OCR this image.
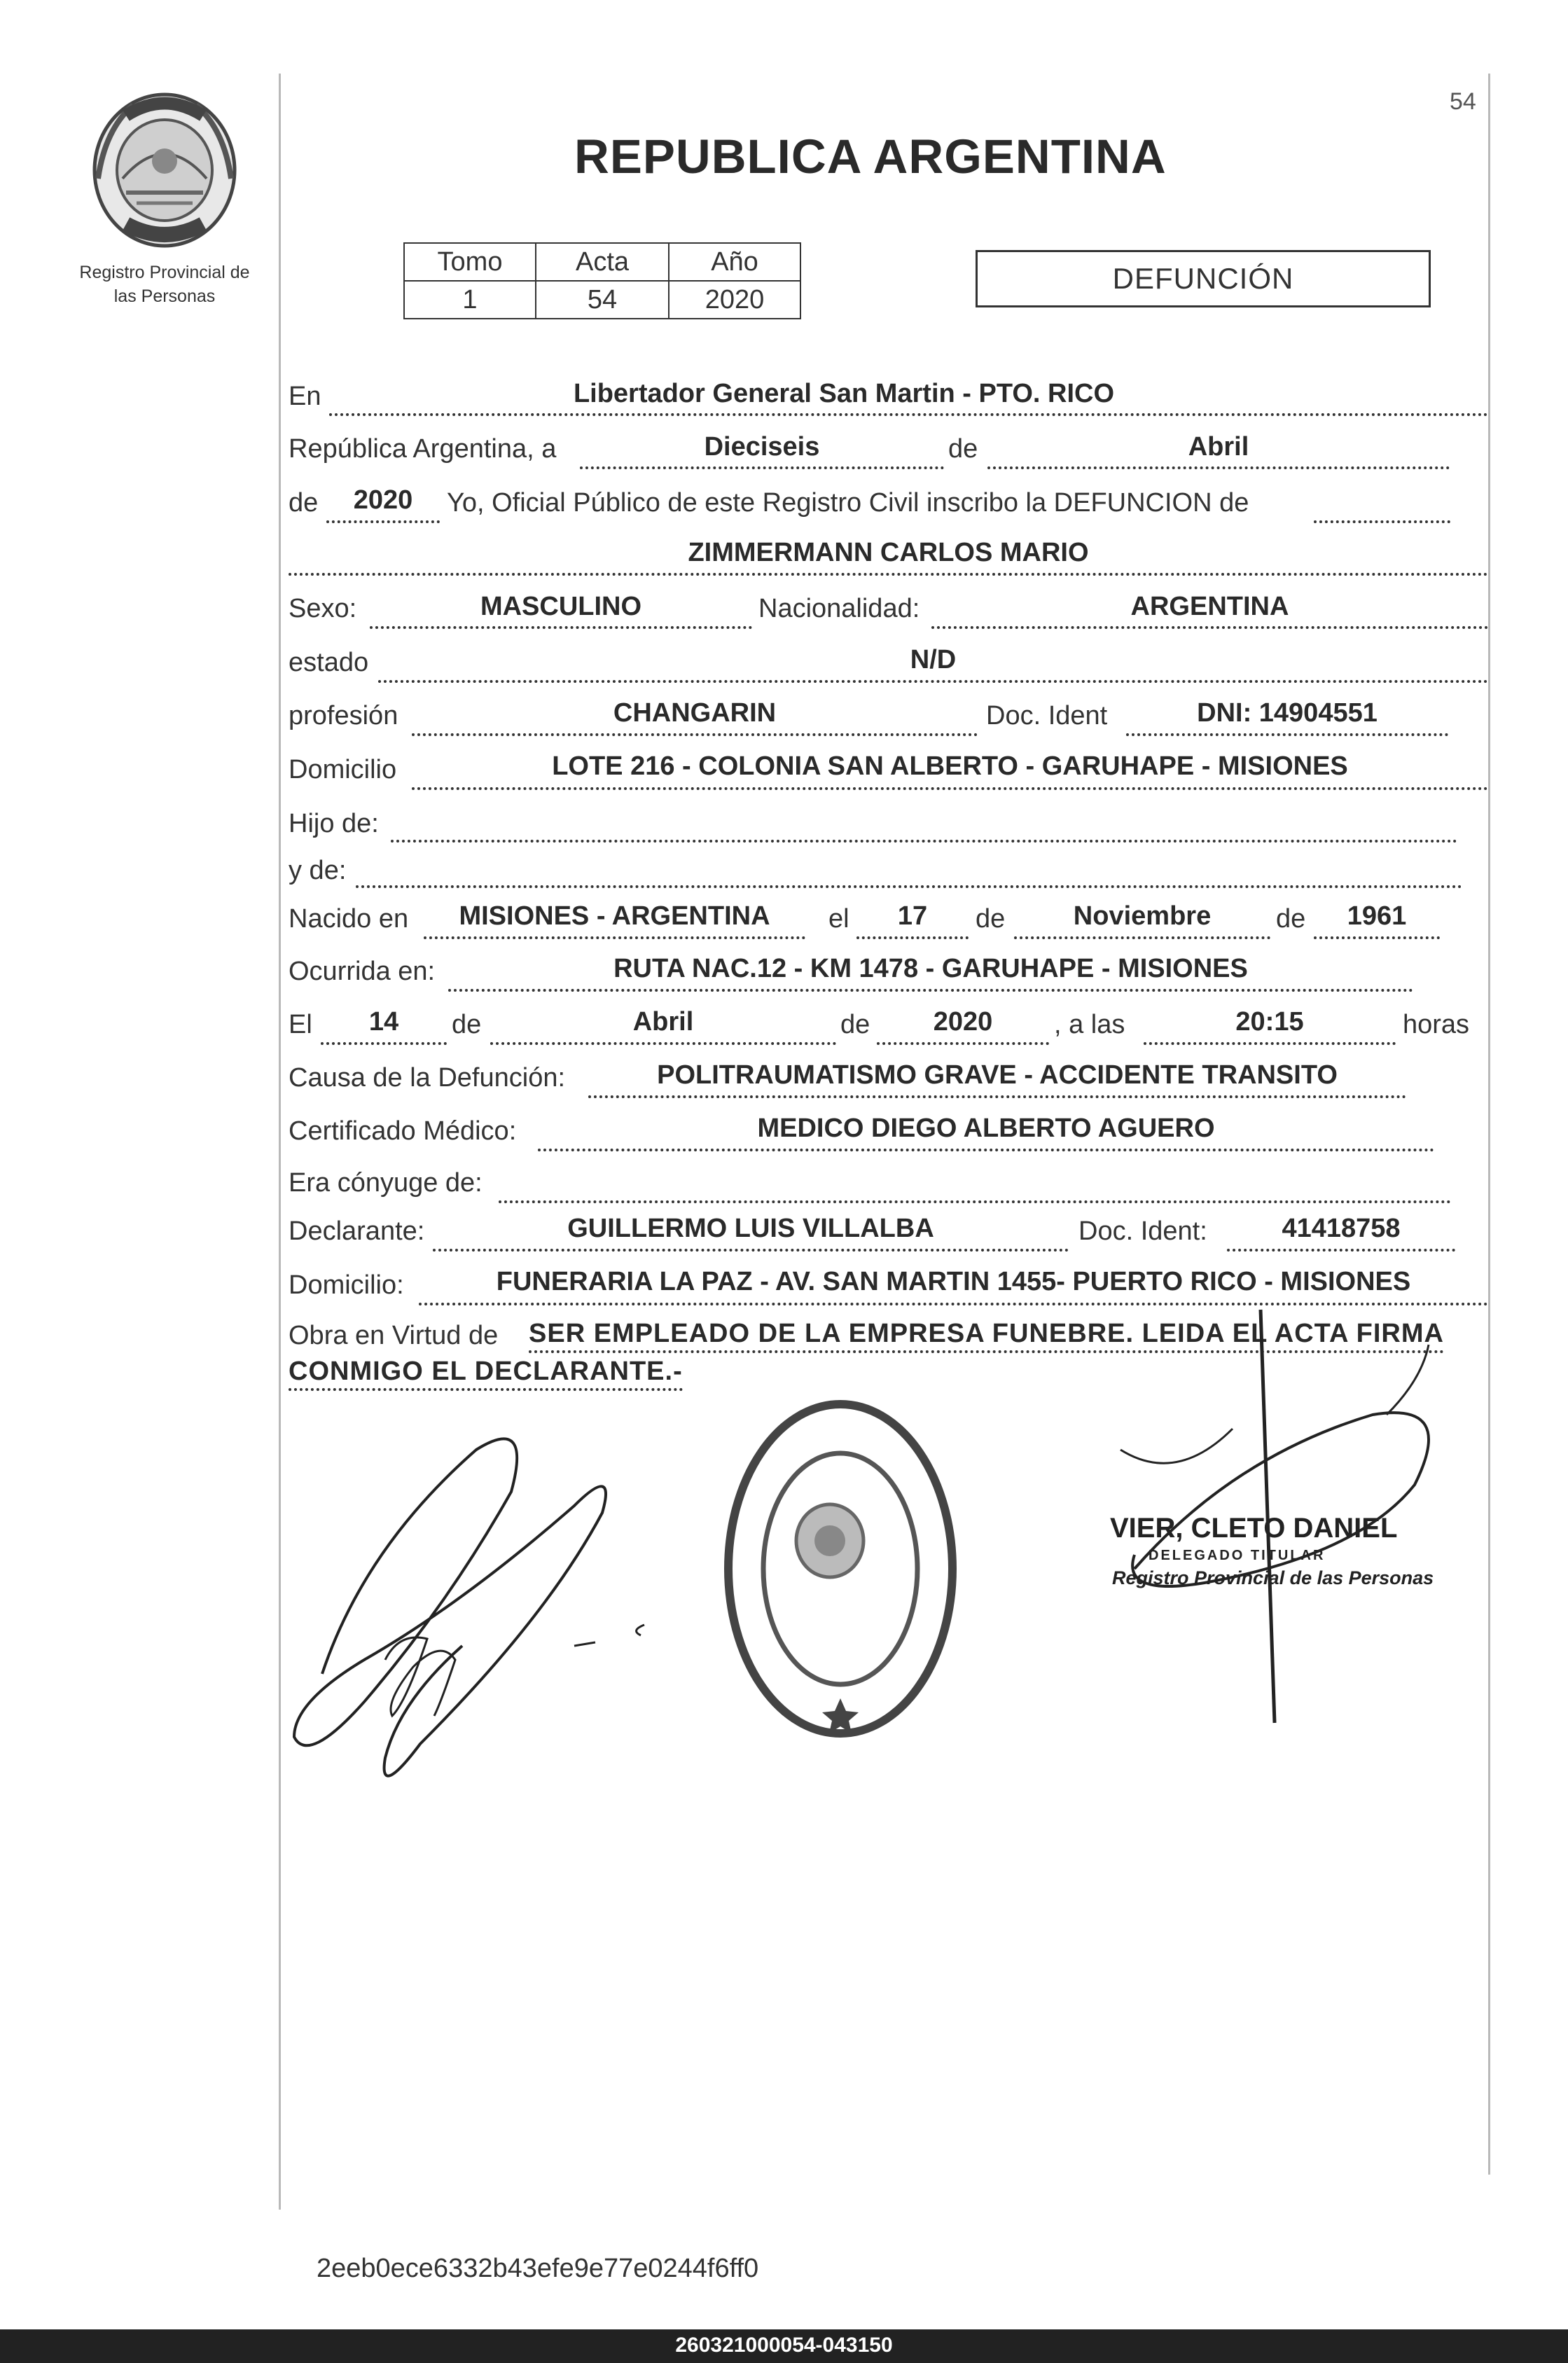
Registro Provincial de
las Personas
54
REPUBLICA ARGENTINA
Tomo	Acta	Año
1	54	2020
DEFUNCIÓN
En	Libertador General San Martin - PTO. RICO
República Argentina, a	Dieciseis	de	Abril
de	2020	Yo, Oficial Público de este Registro Civil inscribo la DEFUNCION de
ZIMMERMANN CARLOS MARIO
Sexo:	MASCULINO	Nacionalidad:	ARGENTINA
estado	N/D
profesión	CHANGARIN	Doc. Ident	DNI: 14904551
Domicilio	LOTE 216 - COLONIA SAN ALBERTO - GARUHAPE - MISIONES
Hijo de:
y de:
Nacido en	MISIONES - ARGENTINA	el	17	de	Noviembre	de	1961
Ocurrida en:	RUTA NAC.12 - KM 1478 - GARUHAPE - MISIONES
El	14	de	Abril	de	2020	, a las	20:15	horas
Causa de la Defunción:	POLITRAUMATISMO GRAVE - ACCIDENTE TRANSITO
Certificado Médico:	MEDICO DIEGO ALBERTO AGUERO
Era cónyuge de:
Declarante:	GUILLERMO LUIS VILLALBA	Doc. Ident:	41418758
Domicilio:	FUNERARIA LA PAZ - AV. SAN MARTIN 1455- PUERTO RICO - MISIONES
Obra en Virtud de SER EMPLEADO DE LA EMPRESA FUNEBRE. LEIDA EL ACTA FIRMA
CONMIGO EL DECLARANTE.-
VIER, CLETO DANIEL
DELEGADO TITULAR
Registro Provincial de las Personas
2eeb0ece6332b43efe9e77e0244f6ff0
260321000054-043150
